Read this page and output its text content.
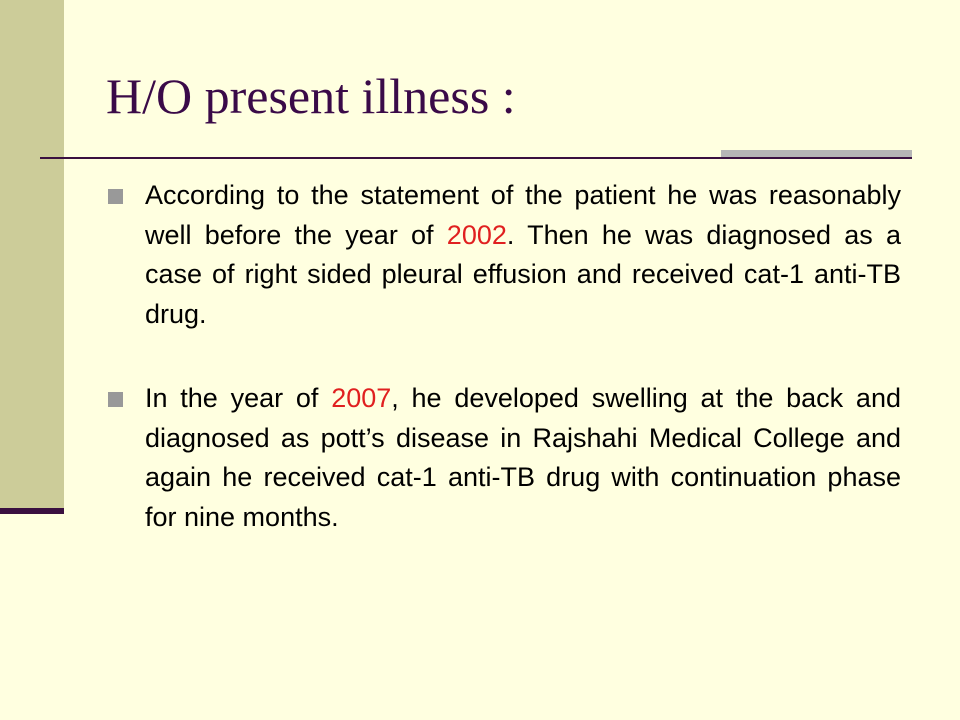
H/O present illness :

According to the statement of the patient he was reasonably well before the year of 2002. Then he was diagnosed as a case of right sided pleural effusion and received cat-1 anti-TB drug.

In the year of 2007, he developed swelling at the back and diagnosed as pott’s disease in Rajshahi Medical College and again he received cat-1 anti-TB drug with continuation phase for nine months.
